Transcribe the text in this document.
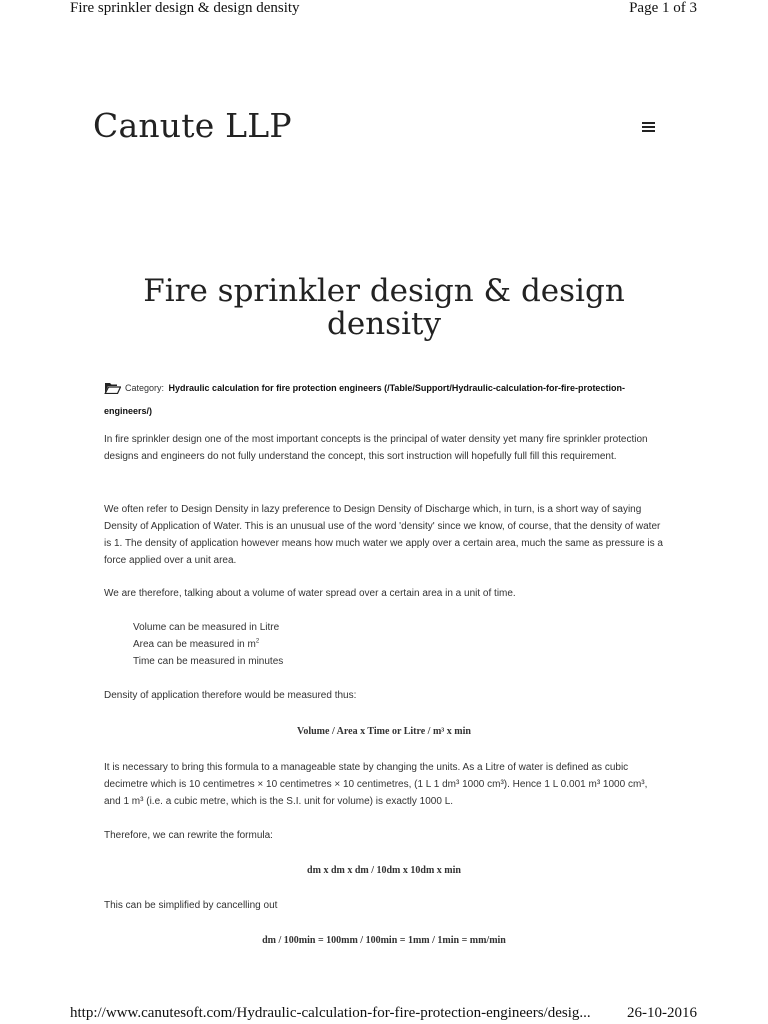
Fire sprinkler design & design density	Page 1 of 3
Canute LLP
Fire sprinkler design & design density
Category: Hydraulic calculation for fire protection engineers (/Table/Support/Hydraulic-calculation-for-fire-protection-engineers/)

In fire sprinkler design one of the most important concepts is the principal of water density yet many fire sprinkler protection designs and engineers do not fully understand the concept, this sort instruction will hopefully full fill this requirement.

We often refer to Design Density in lazy preference to Design Density of Discharge which, in turn, is a short way of saying Density of Application of Water. This is an unusual use of the word 'density' since we know, of course, that the density of water is 1. The density of application however means how much water we apply over a certain area, much the same as pressure is a force applied over a unit area.

We are therefore, talking about a volume of water spread over a certain area in a unit of time.

Volume can be measured in Litre
Area can be measured in $m^2$
Time can be measured in minutes

Density of application therefore would be measured thus:

Volume / Area x Time or Litre / m³ x min

It is necessary to bring this formula to a manageable state by changing the units. As a Litre of water is defined as cubic decimetre which is 10 centimetres × 10 centimetres × 10 centimetres, (1 L 1 dm³ 1000 cm³). Hence 1 L 0.001 m³ 1000 cm³, and 1 m³ (i.e. a cubic metre, which is the S.I. unit for volume) is exactly 1000 L.

Therefore, we can rewrite the formula:

dm x dm x dm / 10dm x 10dm x min

This can be simplified by cancelling out

dm / 100min = 100mm / 100min = 1mm / 1min = mm/min

http://www.canutesoft.com/Hydraulic-calculation-for-fire-protection-engineers/desig... 26-10-2016
